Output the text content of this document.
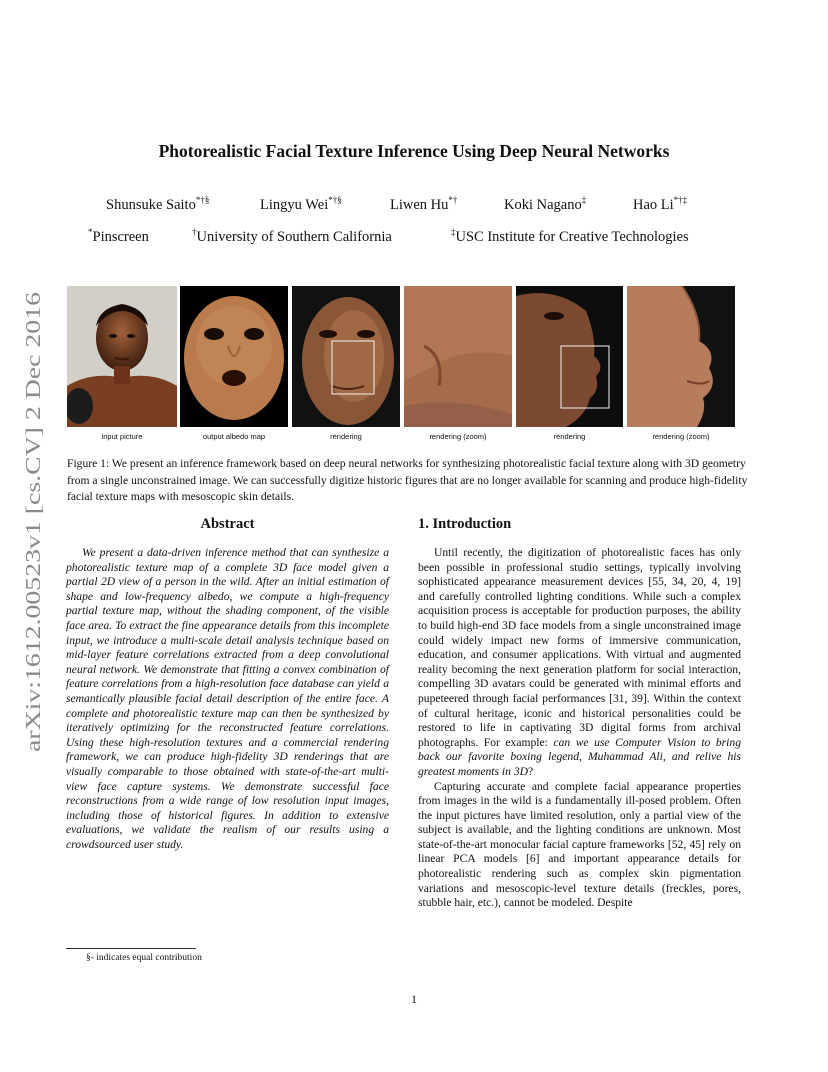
arXiv:1612.00523v1 [cs.CV] 2 Dec 2016
Photorealistic Facial Texture Inference Using Deep Neural Networks
Shunsuke Saito*†§	Lingyu Wei*†§	Liwen Hu*†	Koki Nagano‡	Hao Li*†‡
*Pinscreen	†University of Southern California	‡USC Institute for Creative Technologies
input picture	output albedo map	rendering	rendering (zoom)	rendering	rendering (zoom)

Figure 1: We present an inference framework based on deep neural networks for synthesizing photorealistic facial texture along with 3D geometry from a single unconstrained image. We can successfully digitize historic figures that are no longer available for scanning and produce high-fidelity facial texture maps with mesoscopic skin details.

Abstract

We present a data-driven inference method that can synthesize a photorealistic texture map of a complete 3D face model given a partial 2D view of a person in the wild. After an initial estimation of shape and low-frequency albedo, we compute a high-frequency partial texture map, without the shading component, of the visible face area. To extract the fine appearance details from this incomplete input, we introduce a multi-scale detail analysis technique based on mid-layer feature correlations extracted from a deep convolutional neural network. We demonstrate that fitting a convex combination of feature correlations from a high-resolution face database can yield a semantically plausible facial detail description of the entire face. A complete and photorealistic texture map can then be synthesized by iteratively optimizing for the reconstructed feature correlations. Using these high-resolution textures and a commercial rendering framework, we can produce high-fidelity 3D renderings that are visually comparable to those obtained with state-of-the-art multi-view face capture systems. We demonstrate successful face reconstructions from a wide range of low resolution input images, including those of historical figures. In addition to extensive evaluations, we validate the realism of our results using a crowdsourced user study.

1. Introduction

Until recently, the digitization of photorealistic faces has only been possible in professional studio settings, typically involving sophisticated appearance measurement devices [55, 34, 20, 4, 19] and carefully controlled lighting conditions. While such a complex acquisition process is acceptable for production purposes, the ability to build high-end 3D face models from a single unconstrained image could widely impact new forms of immersive communication, education, and consumer applications. With virtual and augmented reality becoming the next generation platform for social interaction, compelling 3D avatars could be generated with minimal efforts and pupeteered through facial performances [31, 39]. Within the context of cultural heritage, iconic and historical personalities could be restored to life in captivating 3D digital forms from archival photographs. For example: can we use Computer Vision to bring back our favorite boxing legend, Muhammad Ali, and relive his greatest moments in 3D?

Capturing accurate and complete facial appearance properties from images in the wild is a fundamentally ill-posed problem. Often the input pictures have limited resolution, only a partial view of the subject is available, and the lighting conditions are unknown. Most state-of-the-art monocular facial capture frameworks [52, 45] rely on linear PCA models [6] and important appearance details for photorealistic rendering such as complex skin pigmentation variations and mesoscopic-level texture details (freckles, pores, stubble hair, etc.), cannot be modeled. Despite

§- indicates equal contribution
1
